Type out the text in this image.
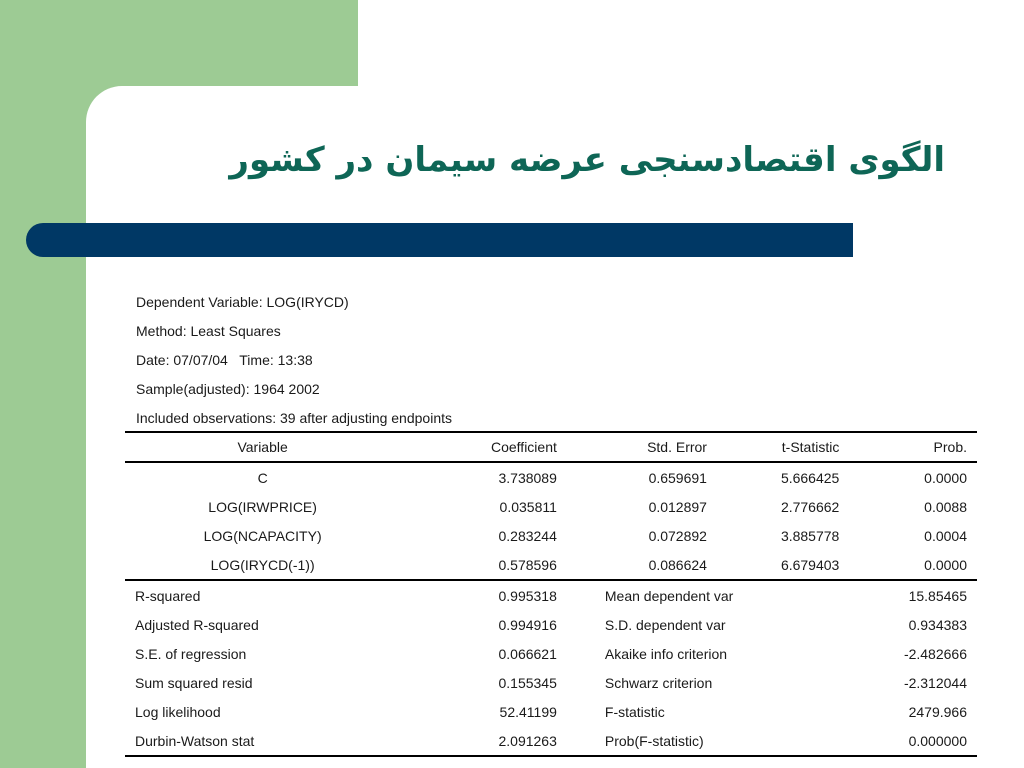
الگوی اقتصادسنجی عرضه سیمان در کشور
Dependent Variable: LOG(IRYCD)
Method: Least Squares
Date: 07/07/04   Time: 13:38
Sample(adjusted): 1964 2002
Included observations: 39 after adjusting endpoints
Variable	Coefficient	Std. Error	t-Statistic	Prob.
C	3.738089	0.659691	5.666425	0.0000
LOG(IRWPRICE)	0.035811	0.012897	2.776662	0.0088
LOG(NCAPACITY)	0.283244	0.072892	3.885778	0.0004
LOG(IRYCD(-1))	0.578596	0.086624	6.679403	0.0000
R-squared	0.995318	Mean dependent var		15.85465
Adjusted R-squared	0.994916	S.D. dependent var		0.934383
S.E. of regression	0.066621	Akaike info criterion		-2.482666
Sum squared resid	0.155345	Schwarz criterion		-2.312044
Log likelihood	52.41199	F-statistic		2479.966
Durbin-Watson stat	2.091263	Prob(F-statistic)		0.000000
